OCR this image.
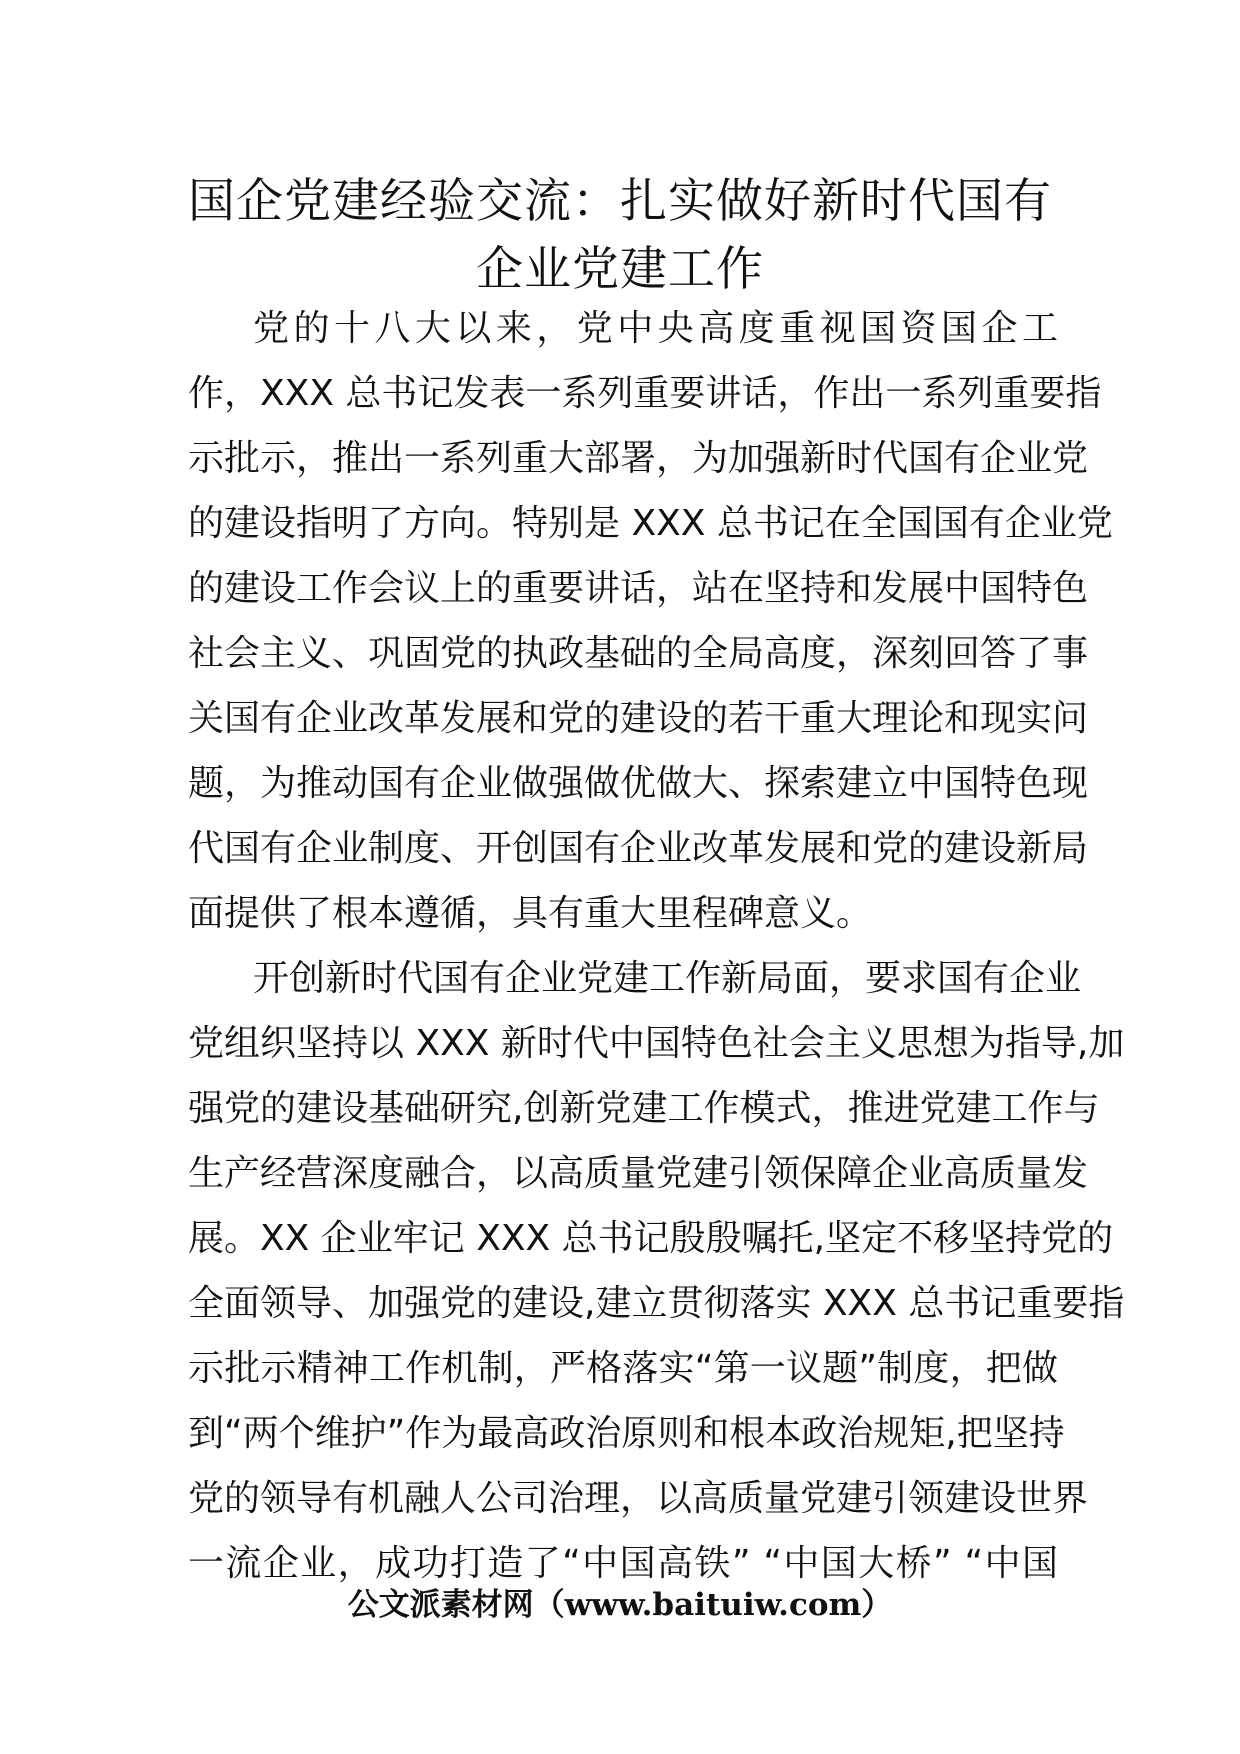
国企党建经验交流：扎实做好新时代国有
企业党建工作
党的十八大以来，党中央高度重视国资国企工
作，XXX 总书记发表一系列重要讲话，作出一系列重要指
示批示，推出一系列重大部署，为加强新时代国有企业党
的建设指明了方向。特别是 XXX 总书记在全国国有企业党
的建设工作会议上的重要讲话，站在坚持和发展中国特色
社会主义、巩固党的执政基础的全局高度，深刻回答了事
关国有企业改革发展和党的建设的若干重大理论和现实问
题，为推动国有企业做强做优做大、探索建立中国特色现
代国有企业制度、开创国有企业改革发展和党的建设新局
面提供了根本遵循，具有重大里程碑意义。
开创新时代国有企业党建工作新局面，要求国有企业
党组织坚持以 XXX 新时代中国特色社会主义思想为指导,加
强党的建设基础研究,创新党建工作模式，推进党建工作与
生产经营深度融合，以高质量党建引领保障企业高质量发
展。XX 企业牢记 XXX 总书记殷殷嘱托,坚定不移坚持党的
全面领导、加强党的建设,建立贯彻落实 XXX 总书记重要指
示批示精神工作机制，严格落实“第一议题”制度，把做
到“两个维护”作为最高政治原则和根本政治规矩,把坚持
党的领导有机融人公司治理，以高质量党建引领建设世界
一流企业，成功打造了“中国高铁” “中国大桥” “中国
公文派素材网（www.baituiw.com）
